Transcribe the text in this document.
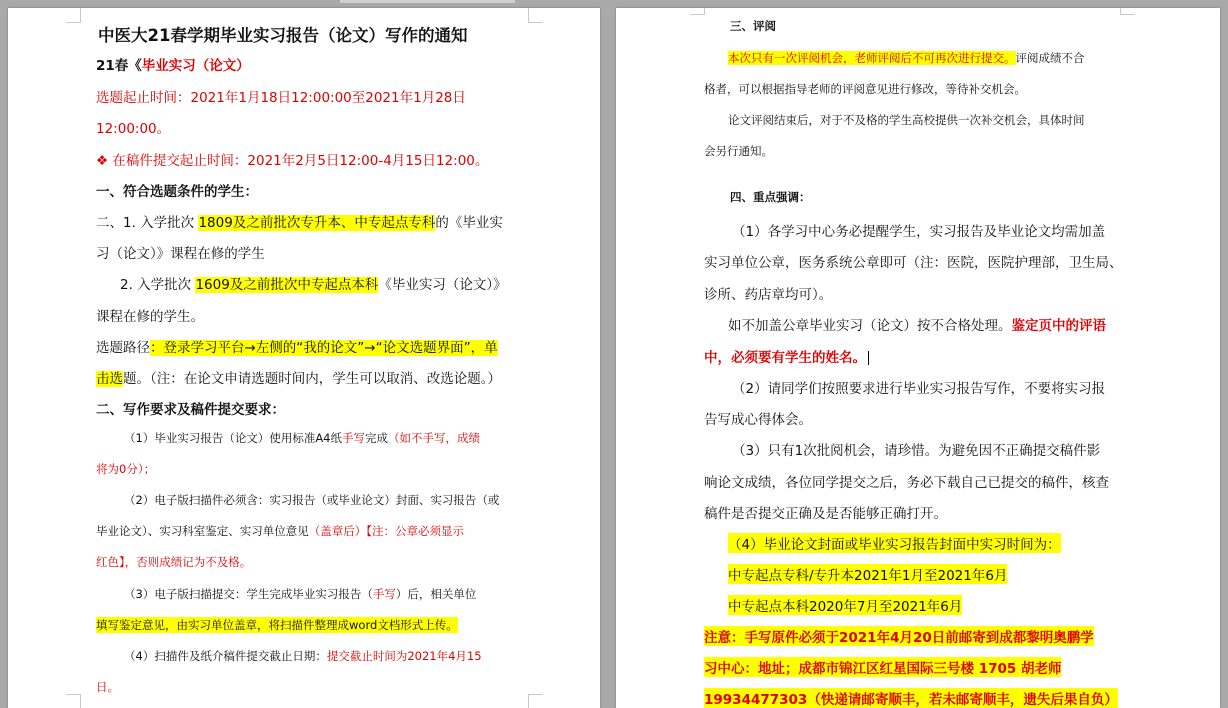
中医大21春学期毕业实习报告（论文）写作的通知
21春《毕业实习（论文）
选题起止时间：2021年1月18日12:00:00至2021年1月28日
12:00:00。
❖ 在稿件提交起止时间：2021年2月5日12:00-4月15日12:00。
一、符合选题条件的学生：
二、1. 入学批次 1809及之前批次专升本、中专起点专科的《毕业实
习（论文）》课程在修的学生
2. 入学批次 1609及之前批次中专起点本科《毕业实习（论文）》
课程在修的学生。
选题路径：登录学习平台→左侧的“我的论文”→“论文选题界面”，单
击选题。（注：在论文申请选题时间内，学生可以取消、改选论题。）
二、写作要求及稿件提交要求：
（1）毕业实习报告（论文）使用标准A4纸手写完成（如不手写，成绩
将为0分）；
（2）电子版扫描件必须含：实习报告（或毕业论文）封面、实习报告（或
毕业论文）、实习科室鉴定、实习单位意见（盖章后）【注：公章必须显示
红色】，否则成绩记为不及格。
（3）电子版扫描提交：学生完成毕业实习报告（手写）后，相关单位
填写鉴定意见，由实习单位盖章，将扫描件整理成word文档形式上传。
（4）扫描件及纸介稿件提交截止日期：提交截止时间为2021年4月15
日。
三、评阅
本次只有一次评阅机会，老师评阅后不可再次进行提交。评阅成绩不合
格者，可以根据指导老师的评阅意见进行修改，等待补交机会。
论文评阅结束后，对于不及格的学生高校提供一次补交机会，具体时间
会另行通知。
四、重点强调：
（1）各学习中心务必提醒学生，实习报告及毕业论文均需加盖
实习单位公章，医务系统公章即可（注：医院，医院护理部，卫生局、
诊所、药店章均可）。
如不加盖公章毕业实习（论文）按不合格处理。鉴定页中的评语
中，必须要有学生的姓名。
（2）请同学们按照要求进行毕业实习报告写作，不要将实习报
告写成心得体会。
（3）只有1次批阅机会，请珍惜。为避免因不正确提交稿件影
响论文成绩，各位同学提交之后，务必下载自己已提交的稿件，核查
稿件是否提交正确及是否能够正确打开。
（4）毕业论文封面或毕业实习报告封面中实习时间为：
中专起点专科/专升本2021年1月至2021年6月
中专起点本科2020年7月至2021年6月
注意：手写原件必须于2021年4月20日前邮寄到成都黎明奥鹏学
习中心：地址；成都市锦江区红星国际三号楼 1705 胡老师
19934477303（快递请邮寄顺丰，若未邮寄顺丰，遗失后果自负）
